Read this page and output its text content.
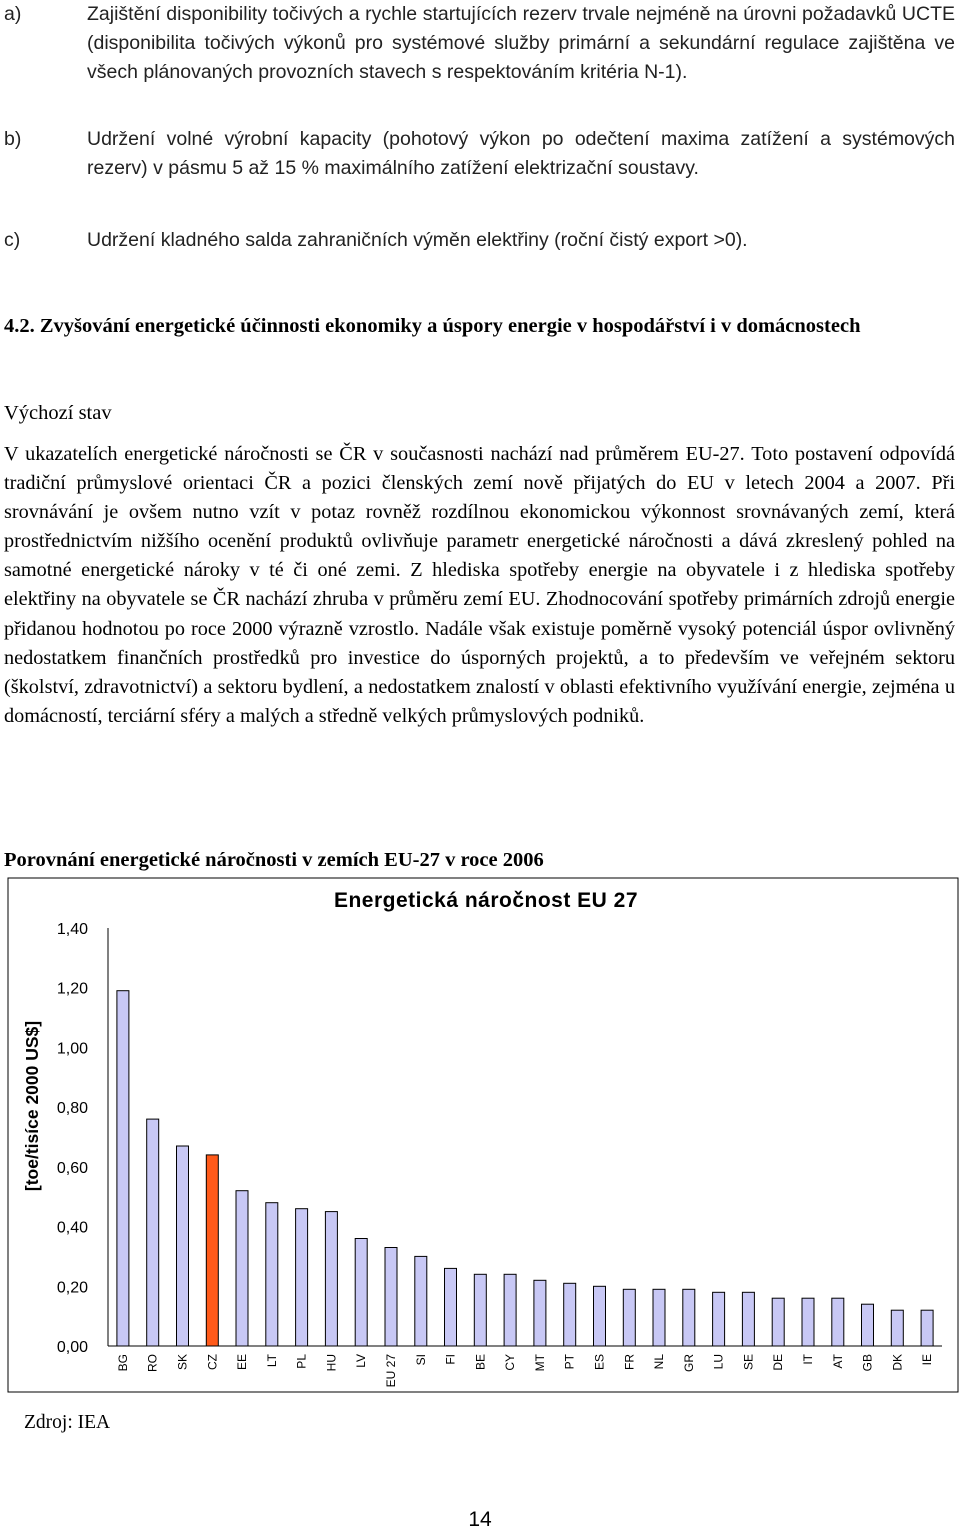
a)	Zajištění disponibility točivých a rychle startujících rezerv trvale nejméně na úrovni požadavků UCTE (disponibilita točivých výkonů pro systémové služby primární a sekundární regulace zajištěna ve všech plánovaných provozních stavech s respektováním kritéria N-1).
b)	Udržení volné výrobní kapacity (pohotový výkon po odečtení maxima zatížení a systémových rezerv) v pásmu 5 až 15 % maximálního zatížení elektrizační soustavy.
c)	Udržení kladného salda zahraničních výměn elektřiny (roční čistý export >0).
4.2. Zvyšování energetické účinnosti ekonomiky a úspory energie v hospodářství i v domácnostech
Výchozí stav
V ukazatelích energetické náročnosti se ČR v současnosti nachází nad průměrem EU-27. Toto postavení odpovídá tradiční průmyslové orientaci ČR a pozici členských zemí nově přijatých do EU v letech 2004 a 2007. Při srovnávání je ovšem nutno vzít v potaz rovněž rozdílnou ekonomickou výkonnost srovnávaných zemí, která prostřednictvím nižšího ocenění produktů ovlivňuje parametr energetické náročnosti a dává zkreslený pohled na samotné energetické nároky v té či oné zemi. Z hlediska spotřeby energie na obyvatele i z hlediska spotřeby elektřiny na obyvatele se ČR nachází zhruba v průměru zemí EU. Zhodnocování spotřeby primárních zdrojů energie přidanou hodnotou po roce 2000 výrazně vzrostlo. Nadále však existuje poměrně vysoký potenciál úspor ovlivněný nedostatkem finančních prostředků pro investice do úsporných projektů, a to především ve veřejném sektoru (školství, zdravotnictví) a sektoru bydlení, a nedostatkem znalostí v oblasti efektivního využívání energie, zejména u domácností, terciární sféry a malých a středně velkých průmyslových podniků.
Porovnání energetické náročnosti v zemích EU-27 v roce 2006
Energetická náročnost EU 27
[toe/tisíce 2000 US$]
0,00
0,20
0,40
0,60
0,80
1,00
1,20
1,40
BG RO SK CZ EE LT PL HU LV EU 27 SI FI BE CY MT PT ES FR NL GR LU SE DE IT AT GB DK IE
Zdroj: IEA
14
